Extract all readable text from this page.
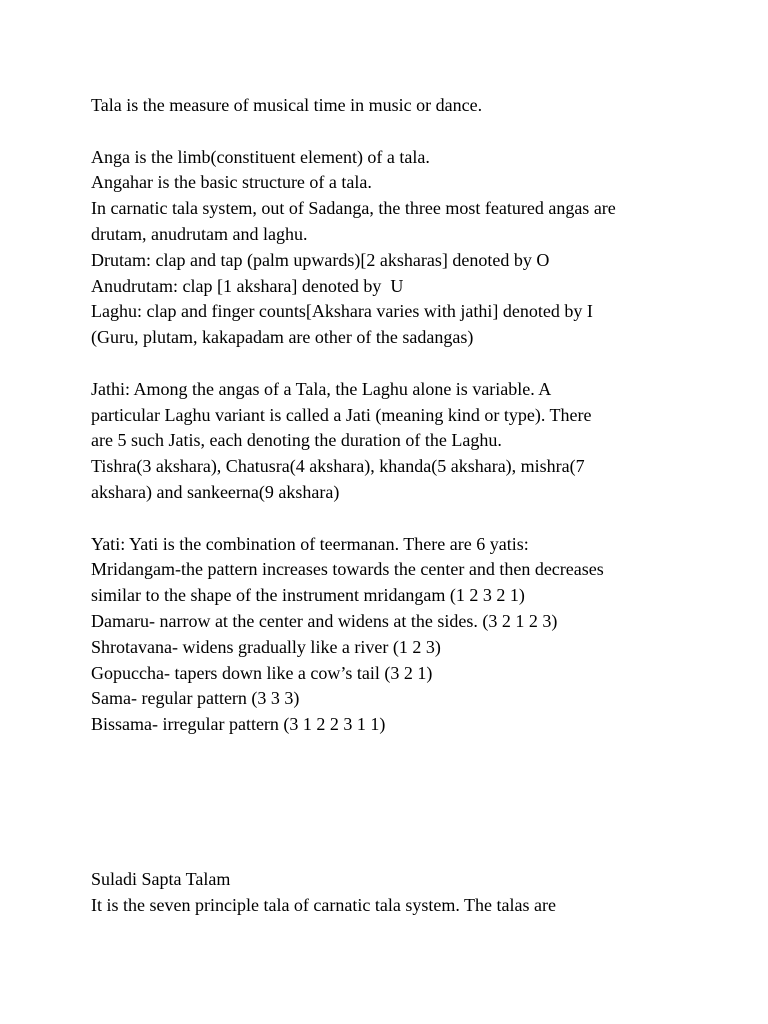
Tala is the measure of musical time in music or dance.
Anga is the limb(constituent element) of a tala.
Angahar is the basic structure of a tala.
In carnatic tala system, out of Sadanga, the three most featured angas are
drutam, anudrutam and laghu.
Drutam: clap and tap (palm upwards)[2 aksharas] denoted by O
Anudrutam: clap [1 akshara] denoted by  U
Laghu: clap and finger counts[Akshara varies with jathi] denoted by I
(Guru, plutam, kakapadam are other of the sadangas)
Jathi: Among the angas of a Tala, the Laghu alone is variable. A
particular Laghu variant is called a Jati (meaning kind or type). There
are 5 such Jatis, each denoting the duration of the Laghu.
Tishra(3 akshara), Chatusra(4 akshara), khanda(5 akshara), mishra(7
akshara) and sankeerna(9 akshara)
Yati: Yati is the combination of teermanan. There are 6 yatis:
Mridangam-the pattern increases towards the center and then decreases
similar to the shape of the instrument mridangam (1 2 3 2 1)
Damaru- narrow at the center and widens at the sides. (3 2 1 2 3)
Shrotavana- widens gradually like a river (1 2 3)
Gopuccha- tapers down like a cow’s tail (3 2 1)
Sama- regular pattern (3 3 3)
Bissama- irregular pattern (3 1 2 2 3 1 1)
Suladi Sapta Talam
It is the seven principle tala of carnatic tala system. The talas are
